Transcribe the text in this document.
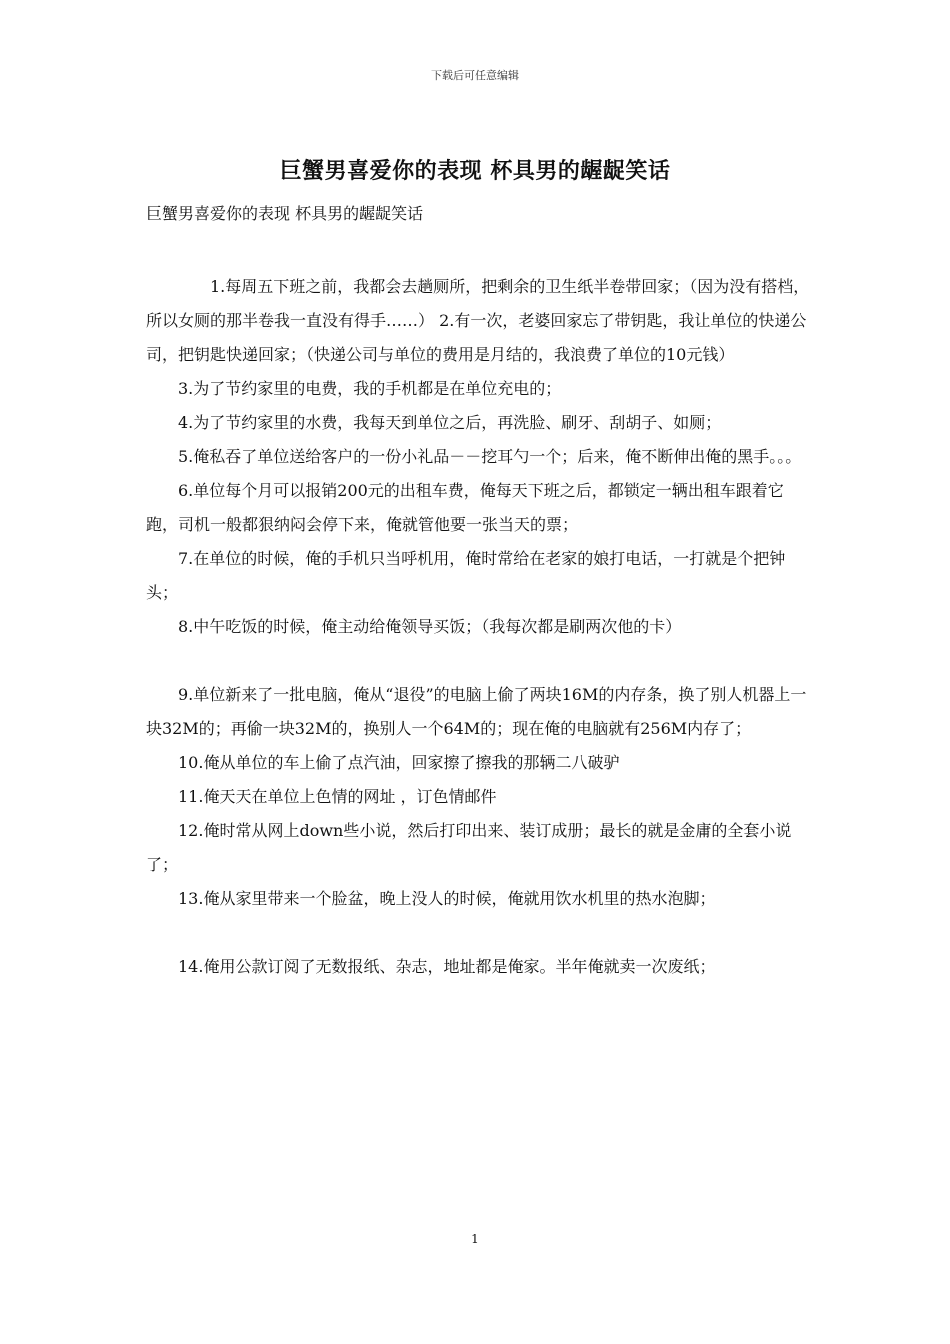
下载后可任意编辑
巨蟹男喜爱你的表现 杯具男的龌龊笑话
巨蟹男喜爱你的表现 杯具男的龌龊笑话

1.每周五下班之前，我都会去趟厕所，把剩余的卫生纸半卷带回家；（因为没有搭档，所以女厕的那半卷我一直没有得手……） 2.有一次，老婆回家忘了带钥匙，我让单位的快递公司，把钥匙快递回家；（快递公司与单位的费用是月结的，我浪费了单位的10元钱）

3.为了节约家里的电费，我的手机都是在单位充电的；

4.为了节约家里的水费，我每天到单位之后，再洗脸、刷牙、刮胡子、如厕；

5.俺私吞了单位送给客户的一份小礼品－－挖耳勺一个；后来，俺不断伸出俺的黑手。。。

6.单位每个月可以报销200元的出租车费，俺每天下班之后，都锁定一辆出租车跟着它跑，司机一般都狠纳闷会停下来，俺就管他要一张当天的票；

7.在单位的时候，俺的手机只当呼机用，俺时常给在老家的娘打电话，一打就是个把钟头；

8.中午吃饭的时候，俺主动给俺领导买饭；（我每次都是刷两次他的卡）

9.单位新来了一批电脑，俺从“退役”的电脑上偷了两块16M的内存条，换了别人机器上一块32M的；再偷一块32M的，换别人一个64M的；现在俺的电脑就有256M内存了；

10.俺从单位的车上偷了点汽油，回家擦了擦我的那辆二八破驴

11.俺天天在单位上色情的网址 ，订色情邮件

12.俺时常从网上down些小说，然后打印出来、装订成册；最长的就是金庸的全套小说了；

13.俺从家里带来一个脸盆，晚上没人的时候，俺就用饮水机里的热水泡脚；

14.俺用公款订阅了无数报纸、杂志，地址都是俺家。半年俺就卖一次废纸；

1
